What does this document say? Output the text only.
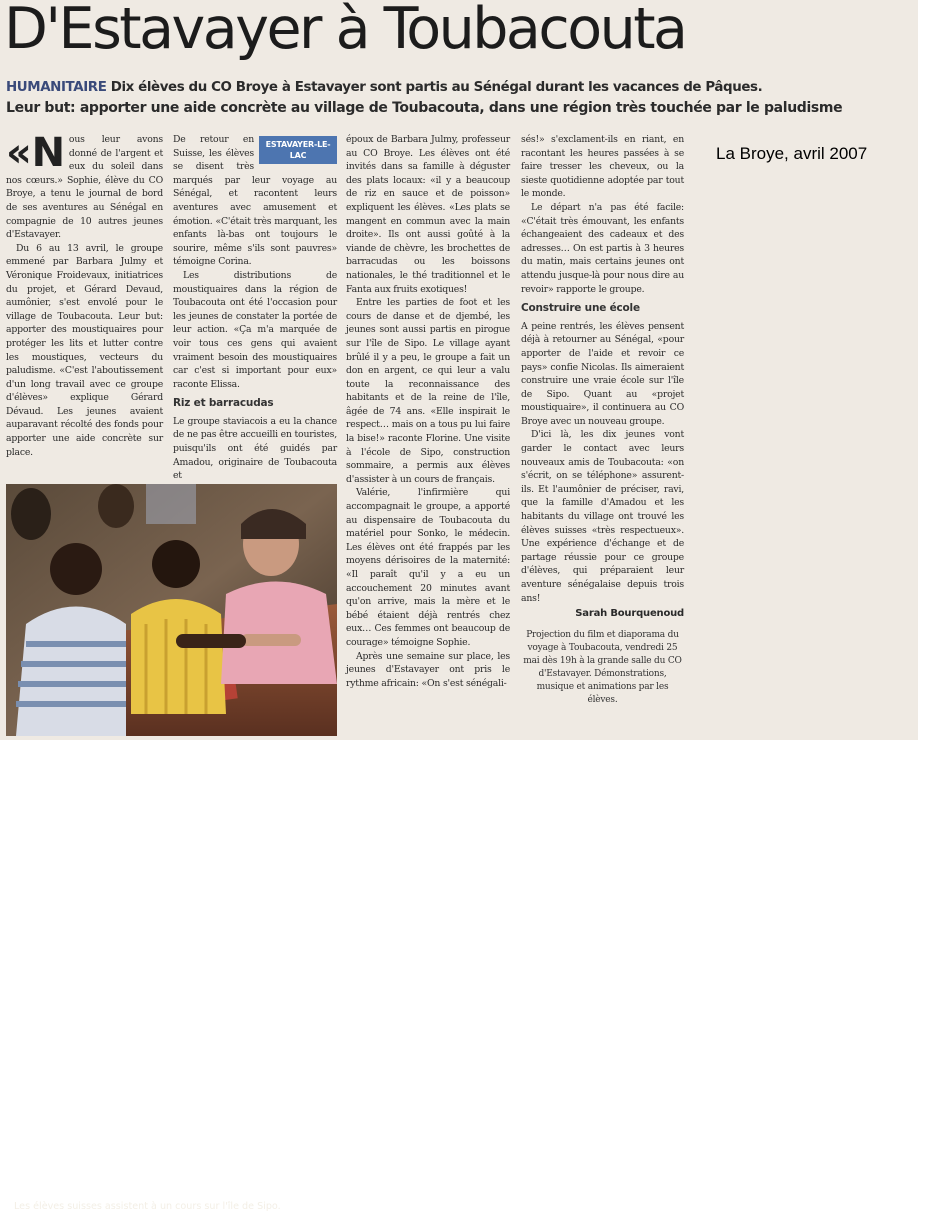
D'Estavayer à Toubacouta
HUMANITAIRE Dix élèves du CO Broye à Estavayer sont partis au Sénégal durant les vacances de Pâques.
Leur but: apporter une aide concrète au village de Toubacouta, dans une région très touchée par le paludisme
«N ous leur avons donné de l'argent et eux du soleil dans nos cœurs.» Sophie, élève du CO Broye, a tenu le journal de bord de ses aventures au Sénégal en compagnie de 10 autres jeunes d'Estavayer.

Du 6 au 13 avril, le groupe emmené par Barbara Julmy et Véronique Froidevaux, initiatrices du projet, et Gérard Devaud, aumônier, s'est envolé pour le village de Toubacouta. Leur but: apporter des moustiquaires pour protéger les lits et lutter contre les moustiques, vecteurs du paludisme. «C'est l'aboutissement d'un long travail avec ce groupe d'élèves» explique Gérard Dévaud. Les jeunes avaient auparavant récolté des fonds pour apporter une aide concrète sur place.

ESTAVAYER-LE-LAC
De retour en Suisse, les élèves se disent très marqués par leur voyage au Sénégal, et racontent leurs aventures avec amusement et émotion. «C'était très marquant, les enfants là-bas ont toujours le sourire, même s'ils sont pauvres» témoigne Corina.

Les distributions de moustiquaires dans la région de Toubacouta ont été l'occasion pour les jeunes de constater la portée de leur action. «Ça m'a marquée de voir tous ces gens qui avaient vraiment besoin des moustiquaires car c'est si important pour eux» raconte Elissa.

Riz et barracudas

Le groupe staviacois a eu la chance de ne pas être accueilli en touristes, puisqu'ils ont été guidés par Amadou, originaire de Toubacouta et

époux de Barbara Julmy, professeur au CO Broye. Les élèves ont été invités dans sa famille à déguster des plats locaux: «il y a beaucoup de riz en sauce et de poisson» expliquent les élèves. «Les plats se mangent en commun avec la main droite». Ils ont aussi goûté à la viande de chèvre, les brochettes de barracudas ou les boissons nationales, le thé traditionnel et le Fanta aux fruits exotiques!

Entre les parties de foot et les cours de danse et de djembé, les jeunes sont aussi partis en pirogue sur l'île de Sipo. Le village ayant brûlé il y a peu, le groupe a fait un don en argent, ce qui leur a valu toute la reconnaissance des habitants et de la reine de l'île, âgée de 74 ans. «Elle inspirait le respect… mais on a tous pu lui faire la bise!» raconte Florine. Une visite à l'école de Sipo, construction sommaire, a permis aux élèves d'assister à un cours de français.

Valérie, l'infirmière qui accompagnait le groupe, a apporté au dispensaire de Toubacouta du matériel pour Sonko, le médecin. Les élèves ont été frappés par les moyens dérisoires de la maternité: «Il paraît qu'il y a eu un accouchement 20 minutes avant qu'on arrive, mais la mère et le bébé étaient déjà rentrés chez eux… Ces femmes ont beaucoup de courage» témoigne Sophie.

Après une semaine sur place, les jeunes d'Estavayer ont pris le rythme africain: «On s'est sénégali-

sés!» s'exclament-ils en riant, en racontant les heures passées à se faire tresser les cheveux, ou la sieste quotidienne adoptée par tout le monde.

Le départ n'a pas été facile: «C'était très émouvant, les enfants échangeaient des cadeaux et des adresses… On est partis à 3 heures du matin, mais certains jeunes ont attendu jusque-là pour nous dire au revoir» rapporte le groupe.

Construire une école

A peine rentrés, les élèves pensent déjà à retourner au Sénégal, «pour apporter de l'aide et revoir ce pays» confie Nicolas. Ils aimeraient construire une vraie école sur l'île de Sipo. Quant au «projet moustiquaire», il continuera au CO Broye avec un nouveau groupe.

D'ici là, les dix jeunes vont garder le contact avec leurs nouveaux amis de Toubacouta: «on s'écrit, on se téléphone» assurent-ils. Et l'aumônier de préciser, ravi, que la famille d'Amadou et les habitants du village ont trouvé les élèves suisses «très respectueux». Une expérience d'échange et de partage réussie pour ce groupe d'élèves, qui préparaient leur aventure sénégalaise depuis trois ans!

Sarah Bourquenoud
Projection du film et diaporama du voyage à Toubacouta, vendredi 25 mai dès 19h à la grande salle du CO d'Estavayer. Démonstrations, musique et animations par les élèves.
Les élèves suisses assistent à un cours sur l'île de Sipo.
La Broye, avril 2007
